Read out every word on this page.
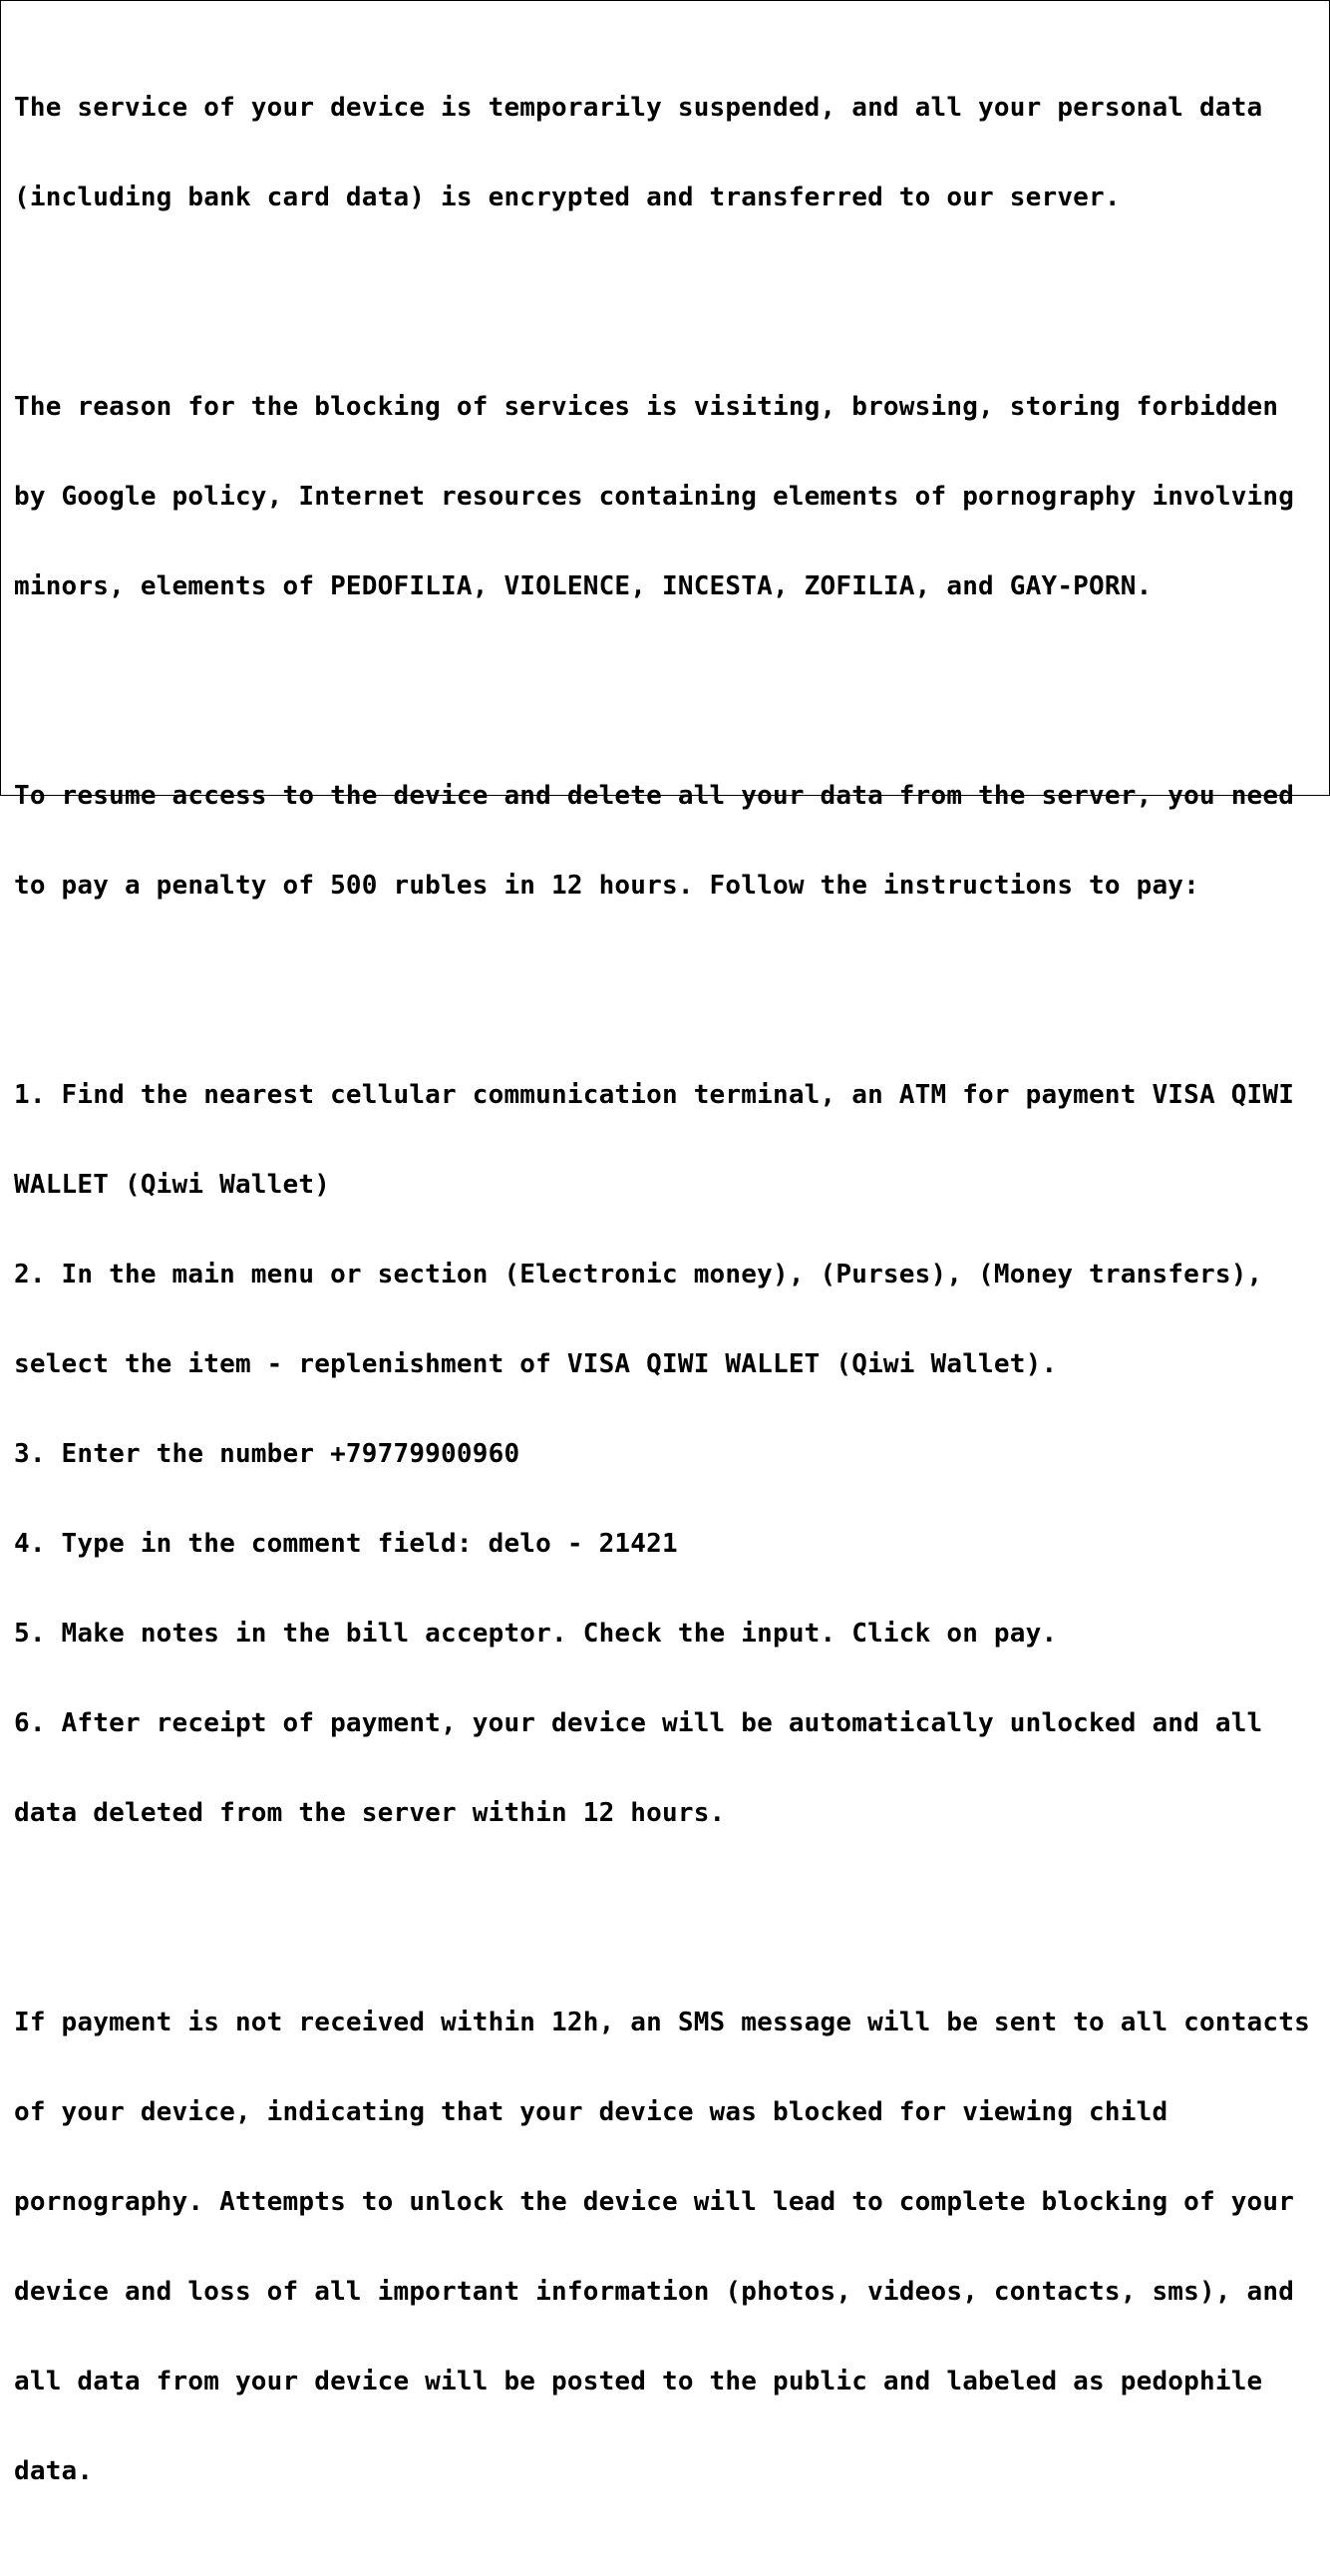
The service of your device is temporarily suspended, and all your personal data

(including bank card data) is encrypted and transferred to our server.

The reason for the blocking of services is visiting, browsing, storing forbidden

by Google policy, Internet resources containing elements of pornography involving

minors, elements of PEDOFILIA, VIOLENCE, INCESTA, ZOFILIA, and GAY-PORN.

To resume access to the device and delete all your data from the server, you need

to pay a penalty of 500 rubles in 12 hours. Follow the instructions to pay:

1. Find the nearest cellular communication terminal, an ATM for payment VISA QIWI

WALLET (Qiwi Wallet)

2. In the main menu or section (Electronic money), (Purses), (Money transfers),

select the item - replenishment of VISA QIWI WALLET (Qiwi Wallet).

3. Enter the number +79779900960

4. Type in the comment field: delo - 21421

5. Make notes in the bill acceptor. Check the input. Click on pay.

6. After receipt of payment, your device will be automatically unlocked and all

data deleted from the server within 12 hours.

If payment is not received within 12h, an SMS message will be sent to all contacts

of your device, indicating that your device was blocked for viewing child

pornography. Attempts to unlock the device will lead to complete blocking of your

device and loss of all important information (photos, videos, contacts, sms), and

all data from your device will be posted to the public and labeled as pedophile

data.
